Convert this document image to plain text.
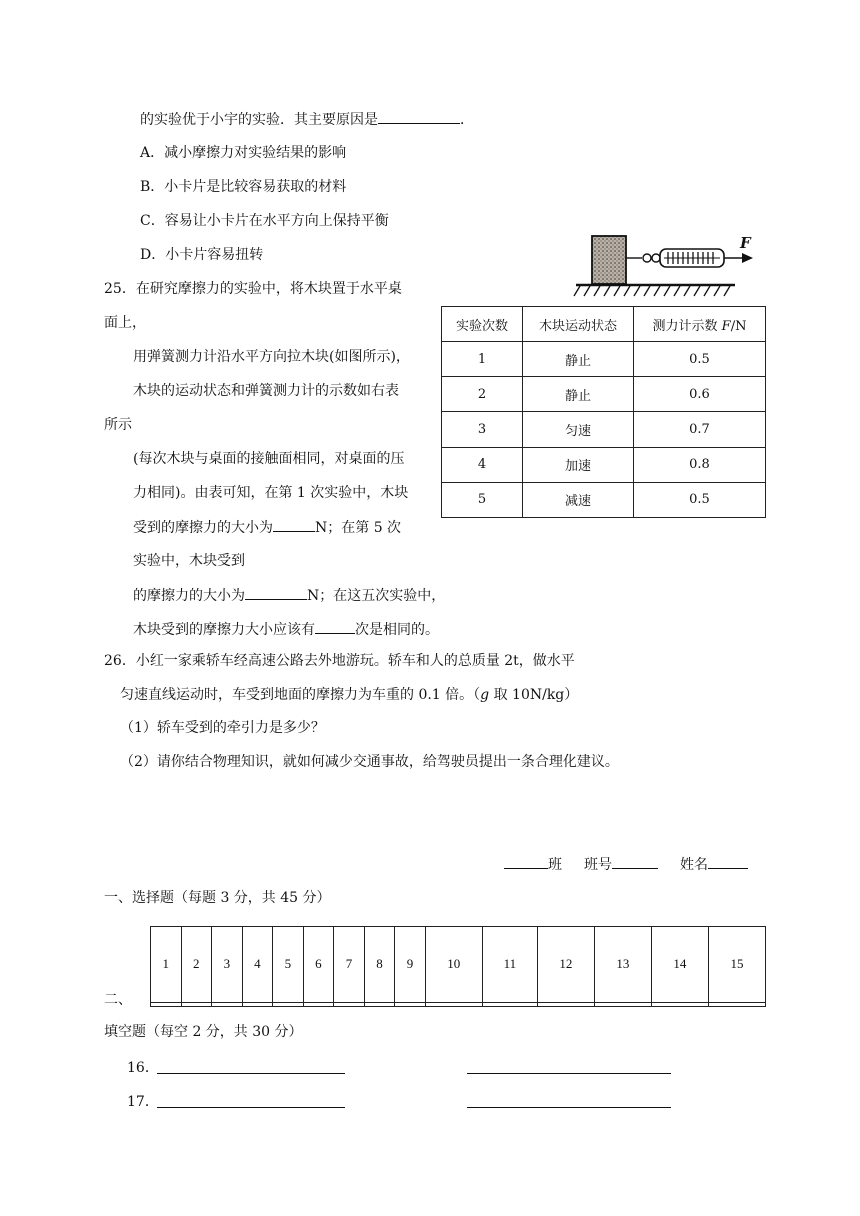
的实验优于小宇的实验．其主要原因是	．
A．减小摩擦力对实验结果的影响
B．小卡片是比较容易获取的材料
C．容易让小卡片在水平方向上保持平衡
D．小卡片容易扭转
25．在研究摩擦力的实验中，将木块置于水平桌
面上，
用弹簧测力计沿水平方向拉木块(如图所示)，
木块的运动状态和弹簧测力计的示数如右表
所示
(每次木块与桌面的接触面相同，对桌面的压
力相同)。由表可知，在第 1 次实验中，木块
受到的摩擦力的大小为	N；在第 5 次
实验中，木块受到
的摩擦力的大小为	N；在这五次实验中，
木块受到的摩擦力大小应该有	次是相同的。
F
实验次数	木块运动状态	测力计示数 F/N
1	静止	0.5
2	静止	0.6
3	匀速	0.7
4	加速	0.8
5	减速	0.5
26．小红一家乘轿车经高速公路去外地游玩。轿车和人的总质量 2t，做水平
匀速直线运动时，车受到地面的摩擦力为车重的 0.1 倍。（g 取 10N/kg）
（1）轿车受到的牵引力是多少？
（2）请你结合物理知识，就如何减少交通事故，给驾驶员提出一条合理化建议。
班 班号	姓名
一、选择题（每题 3 分，共 45 分）
1	2	3	4	5	6	7	8	9	10	11	12	13	14	15

二、
填空题（每空 2 分，共 30 分）
16．
17．
